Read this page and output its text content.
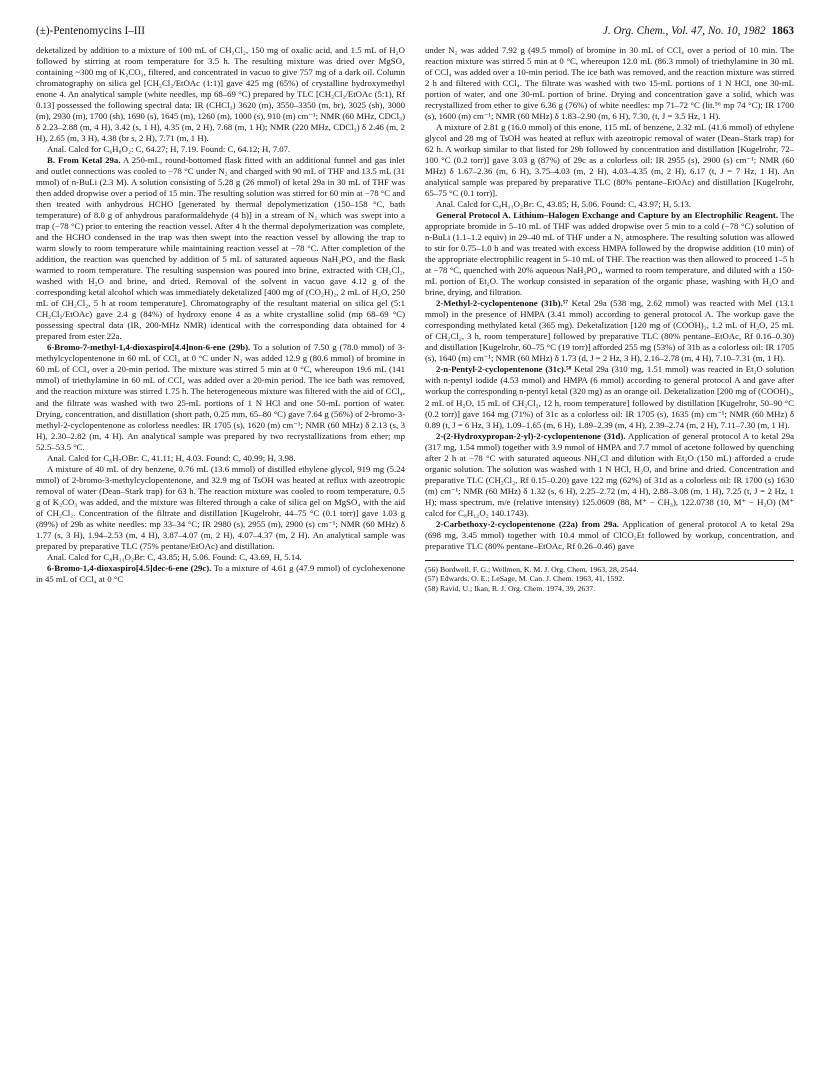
(±)-Pentenomycins I–III	J. Org. Chem., Vol. 47, No. 10, 1982 1863

deketalized by addition to a mixture of 100 mL of CH₂Cl₂, 150 mg of oxalic acid, and 1.5 mL of H₂O followed by stirring at room temperature for 3.5 h. The resulting mixture was dried over MgSO₄ containing ~300 mg of K₂CO₃, filtered, and concentrated in vacuo to give 757 mg of a dark oil. Column chromatography on silica gel [CH₂Cl₂/EtOAc (1:1)] gave 425 mg (65%) of crystalline hydroxymethyl enone 4. An analytical sample (white needles, mp 68–69 °C) prepared by TLC [CH₂Cl₂/EtOAc (5:1), Rf 0.13] possessed the following spectral data: IR (CHCl₃) 3620 (m), 3550–3350 (m, br), 3025 (sh), 3000 (m), 2930 (m), 1700 (sh), 1690 (s), 1645 (m), 1260 (m), 1000 (s), 910 (m) cm⁻¹; NMR (60 MHz, CDCl₃) δ 2.23–2.88 (m, 4 H), 3.42 (s, 1 H), 4.35 (m, 2 H), 7.68 (m, 1 H); NMR (220 MHz, CDCl₃) δ 2.46 (m, 2 H), 2.65 (m, 3 H), 4.38 (br s, 2 H), 7.71 (m, 1 H).

Anal. Calcd for C₆H₈O₂: C, 64.27; H, 7.19. Found: C, 64.12; H, 7.07.

B. From Ketal 29a. A 250-mL, round-bottomed flask fitted with an additional funnel and gas inlet and outlet connections was cooled to −78 °C under N₂ and charged with 90 mL of THF and 13.5 mL (31 mmol) of n-BuLi (2.3 M). A solution consisting of 5.28 g (26 mmol) of ketal 29a in 30 mL of THF was then added dropwise over a period of 15 min. The resulting solution was stirred for 60 min at −78 °C and then treated with anhydrous HCHO [generated by thermal depolymerization (150–158 °C, bath temperature) of 8.0 g of anhydrous paraformaldehyde (4 h)] in a stream of N₂ which was swept into a trap (−78 °C) prior to entering the reaction vessel. After 4 h the thermal depolymerization was complete, and the HCHO condensed in the trap was then swept into the reaction vessel by allowing the trap to warm slowly to room temperature while maintaining reaction vessel at −78 °C. After completion of the addition, the reaction was quenched by addition of 5 mL of saturated aqueous NaH₂PO₄ and the flask warmed to room temperature. The resulting suspension was poured into brine, extracted with CH₂Cl₂, washed with H₂O and brine, and dried. Removal of the solvent in vacuo gave 4.12 g of the corresponding ketal alcohol which was immediately deketalized [400 mg of (CO₂H)₂, 2 mL of H₂O, 250 mL of CH₂Cl₂, 5 h at room temperature]. Chromatography of the resultant material on silica gel (5:1 CH₂Cl₂/EtOAc) gave 2.4 g (84%) of hydroxy enone 4 as a white crystalline solid (mp 68–69 °C) possessing spectral data (IR, 200-MHz NMR) identical with the corresponding data obtained for 4 prepared from ester 22a.

6-Bromo-7-methyl-1,4-dioxaspiro[4.4]non-6-ene (29b). To a solution of 7.50 g (78.0 mmol) of 3-methylcyclopentenone in 60 mL of CCl₄ at 0 °C under N₂ was added 12.9 g (80.6 mmol) of bromine in 60 mL of CCl₄ over a 20-min period. The mixture was stirred 5 min at 0 °C, whereupon 19.6 mL (141 mmol) of triethylamine in 60 mL of CCl₄ was added over a 20-min period. The ice bath was removed, and the reaction mixture was stirred 1.75 h. The heterogeneous mixture was filtered with the aid of CCl₄, and the filtrate was washed with two 25-mL portions of 1 N HCl and one 50-mL portion of water. Drying, concentration, and distillation (short path, 0.25 mm, 65–80 °C) gave 7.64 g (56%) of 2-bromo-3-methyl-2-cyclopentenone as colorless needles: IR 1705 (s), 1620 (m) cm⁻¹; NMR (60 MHz) δ 2.13 (s, 3 H), 2.30–2.82 (m, 4 H). An analytical sample was prepared by two recrystallizations from ether; mp 52.5–53.5 °C.

Anal. Calcd for C₆H₇OBr: C, 41.11; H, 4.03. Found: C, 40.99; H, 3.98.

A mixture of 40 mL of dry benzene, 0.76 mL (13.6 mmol) of distilled ethylene glycol, 919 mg (5.24 mmol) of 2-bromo-3-methylcyclopentenone, and 32.9 mg of TsOH was heated at reflux with azeotropic removal of water (Dean–Stark trap) for 63 h. The reaction mixture was cooled to room temperature, 0.5 g of K₂CO₃ was added, and the mixture was filtered through a cake of silica gel on MgSO₄ with the aid of CH₂Cl₂. Concentration of the filtrate and distillation [Kugelrohr, 44–75 °C (0.1 torr)] gave 1.03 g (89%) of 29b as white needles: mp 33–34 °C; IR 2980 (s), 2955 (m), 2900 (s) cm⁻¹; NMR (60 MHz) δ 1.77 (s, 3 H), 1.94–2.53 (m, 4 H), 3.87–4.07 (m, 2 H), 4.07–4.37 (m, 2 H). An analytical sample was prepared by preparative TLC (75% pentane/EtOAc) and distillation.

Anal. Calcd for C₈H₁₁O₂Br: C, 43.85; H, 5.06. Found: C, 43.69, H, 5.14.

6-Bromo-1,4-dioxaspiro[4.5]dec-6-ene (29c). To a mixture of 4.61 g (47.9 mmol) of cyclohexenone in 45 mL of CCl₄ at 0 °C

under N₂ was added 7.92 g (49.5 mmol) of bromine in 30 mL of CCl₄ over a period of 10 min. The reaction mixture was stirred 5 min at 0 °C, whereupon 12.0 mL (86.3 mmol) of triethylamine in 30 mL of CCl₄ was added over a 10-min period. The ice bath was removed, and the reaction mixture was stirred 2 h and filtered with CCl₄. The filtrate was washed with two 15-mL portions of 1 N HCl, one 30-mL portion of water, and one 30-mL portion of brine. Drying and concentration gave a solid, which was recrystallized from ether to give 6.36 g (76%) of white needles: mp 71–72 °C (lit.⁵⁶ mp 74 °C); IR 1700 (s), 1600 (m) cm⁻¹; NMR (60 MHz) δ 1.83–2.90 (m, 6 H), 7.30, (t, J = 3.5 Hz, 1 H).

A mixture of 2.81 g (16.0 mmol) of this enone, 115 mL of benzene, 2.32 mL (41.6 mmol) of ethylene glycol and 28 mg of TsOH was heated at reflux with azeotropic removal of water (Dean–Stark trap) for 62 h. A workup similar to that listed for 29b followed by concentration and distillation [Kugelrohr, 72–100 °C (0.2 torr)] gave 3.03 g (87%) of 29c as a colorless oil: IR 2955 (s), 2900 (s) cm⁻¹; NMR (60 MHz) δ 1.67–2.36 (m, 6 H), 3.75–4.03 (m, 2 H), 4.03–4.35 (m, 2 H), 6.17 (t, J = 7 Hz, 1 H). An analytical sample was prepared by preparative TLC (80% pentane–EtOAc) and distillation [Kugelrohr, 65–75 °C (0.1 torr)].

Anal. Calcd for C₈H₁₁O₂Br: C, 43.85; H, 5.06. Found: C, 43.97; H, 5.13.

General Protocol A. Lithium–Halogen Exchange and Capture by an Electrophilic Reagent. The appropriate bromide in 5–10 mL of THF was added dropwise over 5 min to a cold (−78 °C) solution of n-BuLi (1.1–1.2 equiv) in 29–40 mL of THF under a N₂ atmosphere. The resulting solution was allowed to stir for 0.75–1.0 h and was treated with excess HMPA followed by the dropwise addition (10 min) of the appropriate electrophilic reagent in 5–10 mL of THF. The reaction was then allowed to proceed 1–5 h at −78 °C, quenched with 20% aqueous NaH₂PO₄, warmed to room temperature, and diluted with a 150-mL portion of Et₂O. The workup consisted in separation of the organic phase, washing with H₂O and brine, drying, and filtration.

2-Methyl-2-cyclopentenone (31b).⁵⁷ Ketal 29a (538 mg, 2.62 mmol) was reacted with MeI (13.1 mmol) in the presence of HMPA (3.41 mmol) according to general protocol A. The workup gave the corresponding methylated ketal (365 mg). Deketalization [120 mg of (COOH)₂, 1.2 mL of H₂O, 25 mL of CH₂Cl₂, 3 h, room temperature] followed by preparative TLC (80% pentane–EtOAc, Rf 0.16–0.30) and distillation [Kugelrohr, 60–75 °C (19 torr)] afforded 255 mg (53%) of 31b as a colorless oil: IR 1705 (s), 1640 (m) cm⁻¹; NMR (60 MHz) δ 1.73 (d, J = 2 Hz, 3 H), 2.16–2.78 (m, 4 H), 7.10–7.31 (m, 1 H).

2-n-Pentyl-2-cyclopentenone (31c).⁵⁸ Ketal 29a (310 mg, 1.51 mmol) was reacted in Et₂O solution with n-pentyl iodide (4.53 mmol) and HMPA (6 mmol) according to general protocol A and gave after workup the corresponding n-pentyl ketal (320 mg) as an orange oil. Deketalization [200 mg of (COOH)₂, 2 mL of H₂O, 15 mL of CH₂Cl₂, 12 h, room temperature] followed by distillation [Kugelrohr, 50–90 °C (0.2 torr)] gave 164 mg (71%) of 31c as a colorless oil: IR 1705 (s), 1635 (m) cm⁻¹; NMR (60 MHz) δ 0.89 (t, J = 6 Hz, 3 H), 1.09–1.65 (m, 6 H), 1.89–2.39 (m, 4 H), 2.39–2.74 (m, 2 H), 7.11–7.30 (m, 1 H).

2-(2-Hydroxypropan-2-yl)-2-cyclopentenone (31d). Application of general protocol A to ketal 29a (317 mg, 1.54 mmol) together with 3.9 mmol of HMPA and 7.7 mmol of acetone followed by quenching after 2 h at −78 °C with saturated aqueous NH₄Cl and dilution with Et₂O (150 mL) afforded a crude organic solution. The solution was washed with 1 N HCl, H₂O, and brine and dried. Concentration and preparative TLC (CH₂Cl₂, Rf 0.15–0.20) gave 122 mg (62%) of 31d as a colorless oil: IR 1700 (s) 1630 (m) cm⁻¹; NMR (60 MHz) δ 1.32 (s, 6 H), 2.25–2.72 (m, 4 H), 2.88–3.08 (m, 1 H), 7.25 (t, J = 2 Hz, 1 H); mass spectrum, m/e (relative intensity) 125.0609 (88, M⁺ − CH₃), 122.0738 (10, M⁺ − H₂O) (M⁺ calcd for C₈H₁₂O₂ 140.1743).

2-Carbethoxy-2-cyclopentenone (22a) from 29a. Application of general protocol A to ketal 29a (698 mg, 3.45 mmol) together with 10.4 mmol of ClCO₂Et followed by workup, concentration, and preparative TLC (80% pentane–EtOAc, Rf 0.26–0.46) gave

(56) Bordwell, F. G.; Wellmen, K. M. J. Org. Chem. 1963, 28, 2544.
(57) Edwards, O. E.; LeSage, M. Can. J. Chem. 1963, 41, 1592.
(58) Ravid, U.; Ikan, R. J. Org. Chem. 1974, 39, 2637.
